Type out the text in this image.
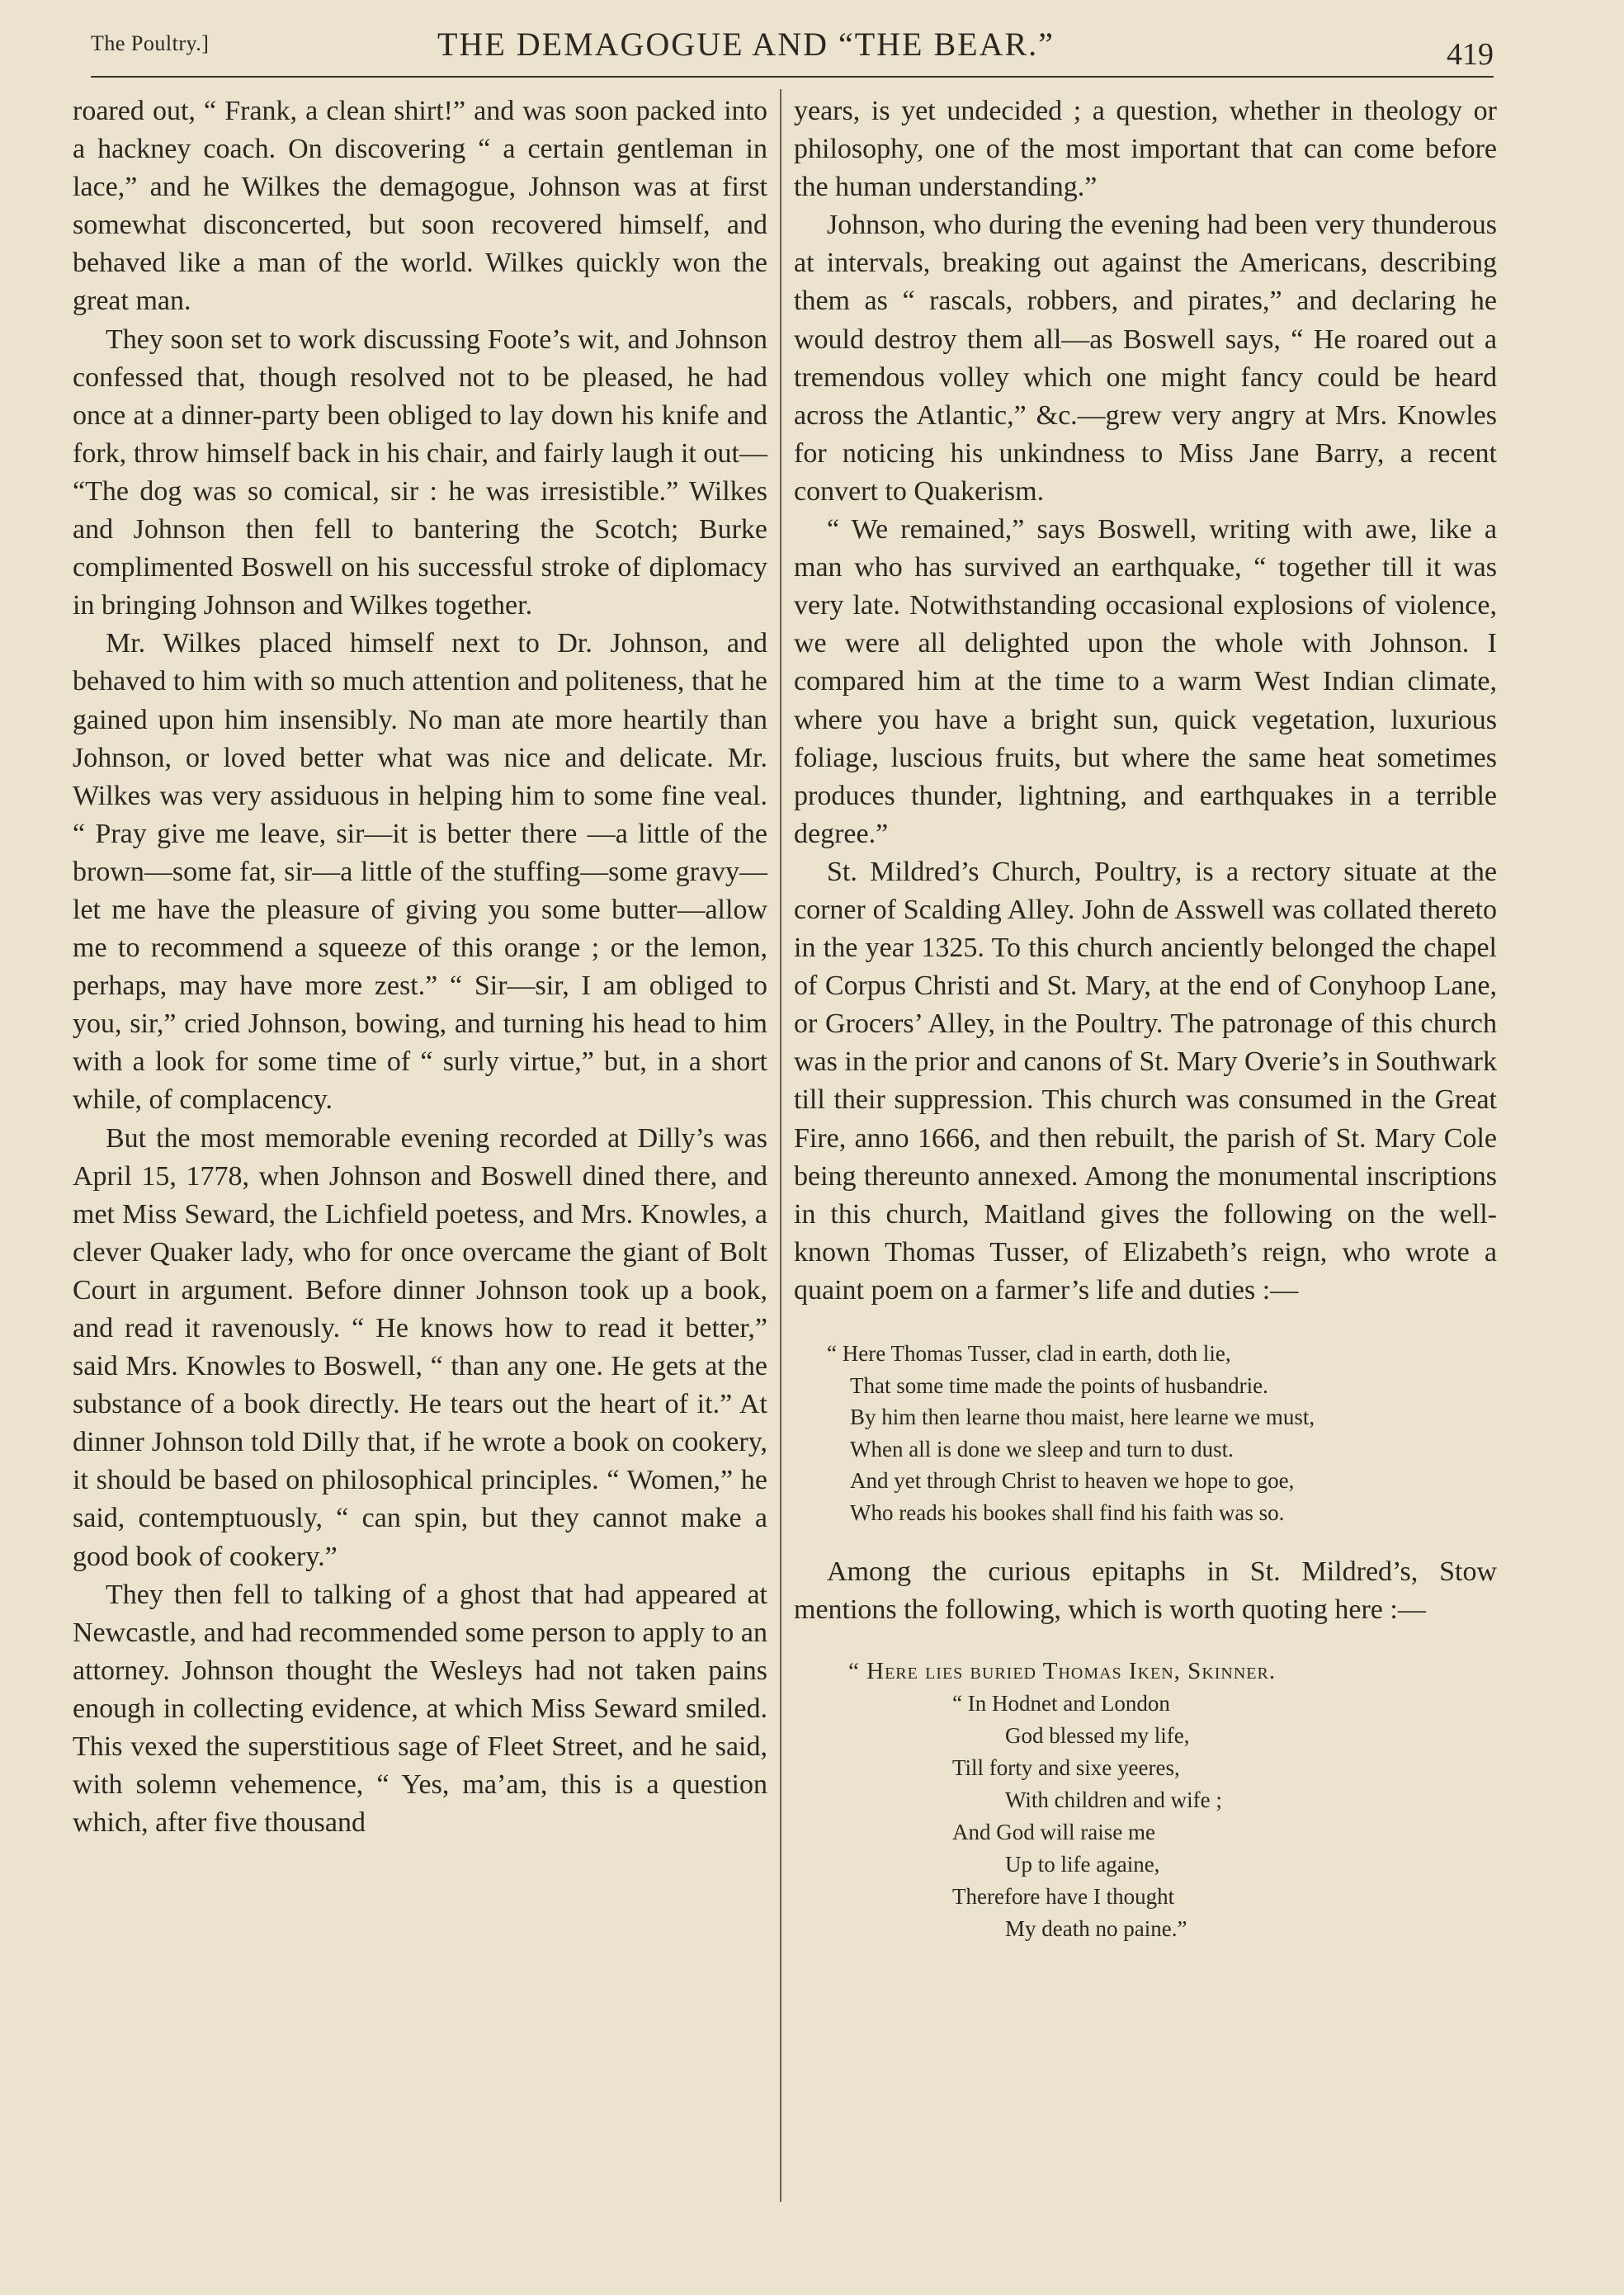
The Poultry.]	THE DEMAGOGUE AND “THE BEAR.”	419

roared out, “ Frank, a clean shirt!” and was soon packed into a hackney coach. On discovering “ a certain gentleman in lace,” and he Wilkes the demagogue, Johnson was at first somewhat disconcerted, but soon recovered himself, and behaved like a man of the world. Wilkes quickly won the great man.

They soon set to work discussing Foote’s wit, and Johnson confessed that, though resolved not to be pleased, he had once at a dinner-party been obliged to lay down his knife and fork, throw himself back in his chair, and fairly laugh it out— “The dog was so comical, sir : he was irresistible.” Wilkes and Johnson then fell to bantering the Scotch; Burke complimented Boswell on his successful stroke of diplomacy in bringing Johnson and Wilkes together.

Mr. Wilkes placed himself next to Dr. Johnson, and behaved to him with so much attention and politeness, that he gained upon him insensibly. No man ate more heartily than Johnson, or loved better what was nice and delicate. Mr. Wilkes was very assiduous in helping him to some fine veal. “ Pray give me leave, sir—it is better there —a little of the brown—some fat, sir—a little of the stuffing—some gravy—let me have the pleasure of giving you some butter—allow me to recommend a squeeze of this orange ; or the lemon, perhaps, may have more zest.” “ Sir—sir, I am obliged to you, sir,” cried Johnson, bowing, and turning his head to him with a look for some time of “ surly virtue,” but, in a short while, of complacency.

But the most memorable evening recorded at Dilly’s was April 15, 1778, when Johnson and Boswell dined there, and met Miss Seward, the Lichfield poetess, and Mrs. Knowles, a clever Quaker lady, who for once overcame the giant of Bolt Court in argument. Before dinner Johnson took up a book, and read it ravenously. “ He knows how to read it better,” said Mrs. Knowles to Boswell, “ than any one. He gets at the substance of a book directly. He tears out the heart of it.” At dinner Johnson told Dilly that, if he wrote a book on cookery, it should be based on philosophical principles. “ Women,” he said, contemptuously, “ can spin, but they cannot make a good book of cookery.”

They then fell to talking of a ghost that had appeared at Newcastle, and had recommended some person to apply to an attorney. Johnson thought the Wesleys had not taken pains enough in collecting evidence, at which Miss Seward smiled. This vexed the superstitious sage of Fleet Street, and he said, with solemn vehemence, “ Yes, ma’am, this is a question which, after five thousand

years, is yet undecided ; a question, whether in theology or philosophy, one of the most important that can come before the human understanding.”

Johnson, who during the evening had been very thunderous at intervals, breaking out against the Americans, describing them as “ rascals, robbers, and pirates,” and declaring he would destroy them all—as Boswell says, “ He roared out a tremendous volley which one might fancy could be heard across the Atlantic,” &c.—grew very angry at Mrs. Knowles for noticing his unkindness to Miss Jane Barry, a recent convert to Quakerism.

“ We remained,” says Boswell, writing with awe, like a man who has survived an earthquake, “ together till it was very late. Notwithstanding occasional explosions of violence, we were all delighted upon the whole with Johnson. I compared him at the time to a warm West Indian climate, where you have a bright sun, quick vegetation, luxurious foliage, luscious fruits, but where the same heat sometimes produces thunder, lightning, and earthquakes in a terrible degree.”

St. Mildred’s Church, Poultry, is a rectory situate at the corner of Scalding Alley. John de Asswell was collated thereto in the year 1325. To this church anciently belonged the chapel of Corpus Christi and St. Mary, at the end of Conyhoop Lane, or Grocers’ Alley, in the Poultry. The patronage of this church was in the prior and canons of St. Mary Overie’s in Southwark till their suppression. This church was consumed in the Great Fire, anno 1666, and then rebuilt, the parish of St. Mary Cole being thereunto annexed. Among the monumental inscriptions in this church, Maitland gives the following on the well-known Thomas Tusser, of Elizabeth’s reign, who wrote a quaint poem on a farmer’s life and duties :—

“ Here Thomas Tusser, clad in earth, doth lie,
That some time made the points of husbandrie.
By him then learne thou maist, here learne we must,
When all is done we sleep and turn to dust.
And yet through Christ to heaven we hope to goe,
Who reads his bookes shall find his faith was so.

Among the curious epitaphs in St. Mildred’s, Stow mentions the following, which is worth quoting here :—

“ Here lies buried Thomas Iken, Skinner.
“ In Hodnet and London
God blessed my life,
Till forty and sixe yeeres,
With children and wife ;
And God will raise me
Up to life againe,
Therefore have I thought
My death no paine.”
